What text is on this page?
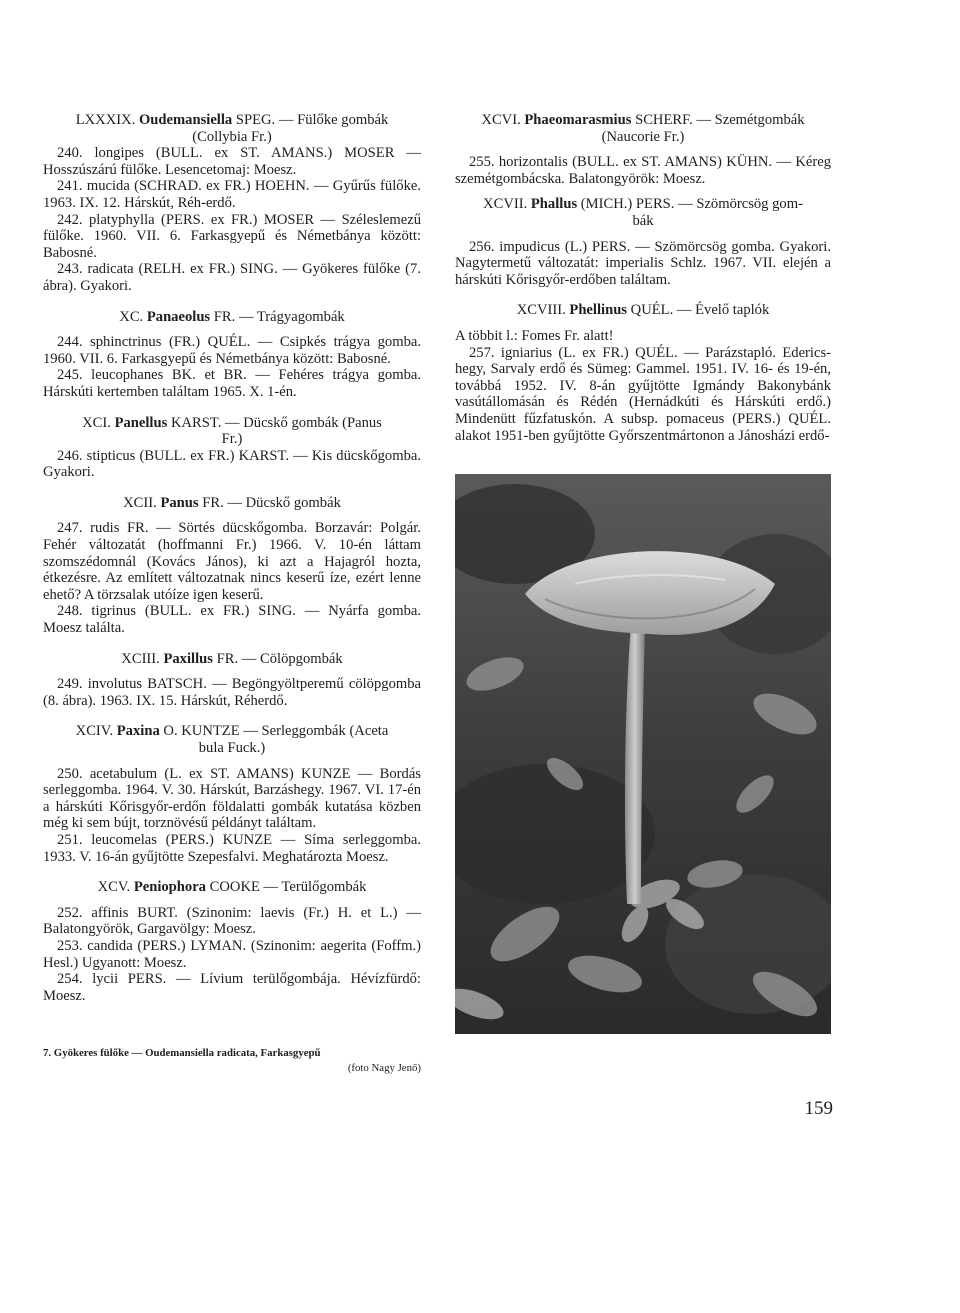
LXXXIX. Oudemansiella SPEG. — Fülőke gombák
(Collybia Fr.)

240. longipes (BULL. ex ST. AMANS.) MOSER — Hosszúszárú fülőke. Lesencetomaj: Moesz.

241. mucida (SCHRAD. ex FR.) HOEHN. — Gyűrűs fülőke. 1963. IX. 12. Hárskút, Réh-erdő.

242. platyphylla (PERS. ex FR.) MOSER — Széleslemezű fülőke. 1960. VII. 6. Farkasgyepű és Németbánya között: Babosné.

243. radicata (RELH. ex FR.) SING. — Gyökeres fülőke (7. ábra). Gyakori.

XC. Panaeolus FR. — Trágyagombák

244. sphinctrinus (FR.) QUÉL. — Csipkés trágya gomba. 1960. VII. 6. Farkasgyepű és Németbánya között: Babosné.

245. leucophanes BK. et BR. — Fehéres trágya gomba. Hárskúti kertemben találtam 1965. X. 1-én.

XCI. Panellus KARST. — Dücskő gombák (Panus
Fr.)

246. stipticus (BULL. ex FR.) KARST. — Kis dücskőgomba. Gyakori.

XCII. Panus FR. — Dücskő gombák

247. rudis FR. — Sörtés dücskőgomba. Borzavár: Polgár. Fehér változatát (hoffmanni Fr.) 1966. V. 10-én láttam szomszédomnál (Kovács János), ki azt a Hajagról hozta, étkezésre. Az említett változatnak nincs keserű íze, ezért lenne ehető? A törzsalak utóíze igen keserű.

248. tigrinus (BULL. ex FR.) SING. — Nyárfa gomba. Moesz találta.

XCIII. Paxillus FR. — Cölöpgombák

249. involutus BATSCH. — Begöngyöltperemű cölöpgomba (8. ábra). 1963. IX. 15. Hárskút, Réherdő.

XCIV. Paxina O. KUNTZE — Serleggombák (Aceta
bula Fuck.)

250. acetabulum (L. ex ST. AMANS) KUNZE — Bordás serleggomba. 1964. V. 30. Hárskút, Barzáshegy. 1967. VI. 17-én a hárskúti Kőrisgyőr-erdőn földalatti gombák kutatása közben még ki sem bújt, torznövésű példányt találtam.

251. leucomelas (PERS.) KUNZE — Síma serleggomba. 1933. V. 16-án gyűjtötte Szepesfalvi. Meghatározta Moesz.

XCV. Peniophora COOKE — Terülőgombák

252. affinis BURT. (Szinonim: laevis (Fr.) H. et L.) — Balatongyörök, Gargavölgy: Moesz.

253. candida (PERS.) LYMAN. (Szinonim: aegerita (Foffm.) Hesl.) Ugyanott: Moesz.

254. lycii PERS. — Lívium terülőgombája. Hévízfürdő: Moesz.

XCVI. Phaeomarasmius SCHERF. — Szemétgombák
(Naucorie Fr.)

255. horizontalis (BULL. ex ST. AMANS) KÜHN. — Kéreg szemétgombácska. Balatongyörök: Moesz.

XCVII. Phallus (MICH.) PERS. — Szömörcsög gom-
bák

256. impudicus (L.) PERS. — Szömörcsög gomba. Gyakori. Nagytermetű változatát: imperialis Schlz. 1967. VII. elején a hárskúti Kőrisgyőr-erdőben találtam.

XCVIII. Phellinus QUÉL. — Évelő taplók

A többit l.: Fomes Fr. alatt!

257. igniarius (L. ex FR.) QUÉL. — Parázstapló. Ederics-hegy, Sarvaly erdő és Sümeg: Gammel. 1951. IV. 16- és 19-én, továbbá 1952. IV. 8-án gyűjtötte Igmándy Bakonybánk vasútállomásán és Rédén (Hernádkúti és Hárskúti erdő.) Mindenütt fűzfatuskón. A subsp. pomaceus (PERS.) QUÉL. alakot 1951-ben gyűjtötte Győrszentmártonon a Jánosházi erdő-

7. Gyökeres fülőke — Oudemansiella radicata, Farkasgyepű
(foto Nagy Jenő)
159
